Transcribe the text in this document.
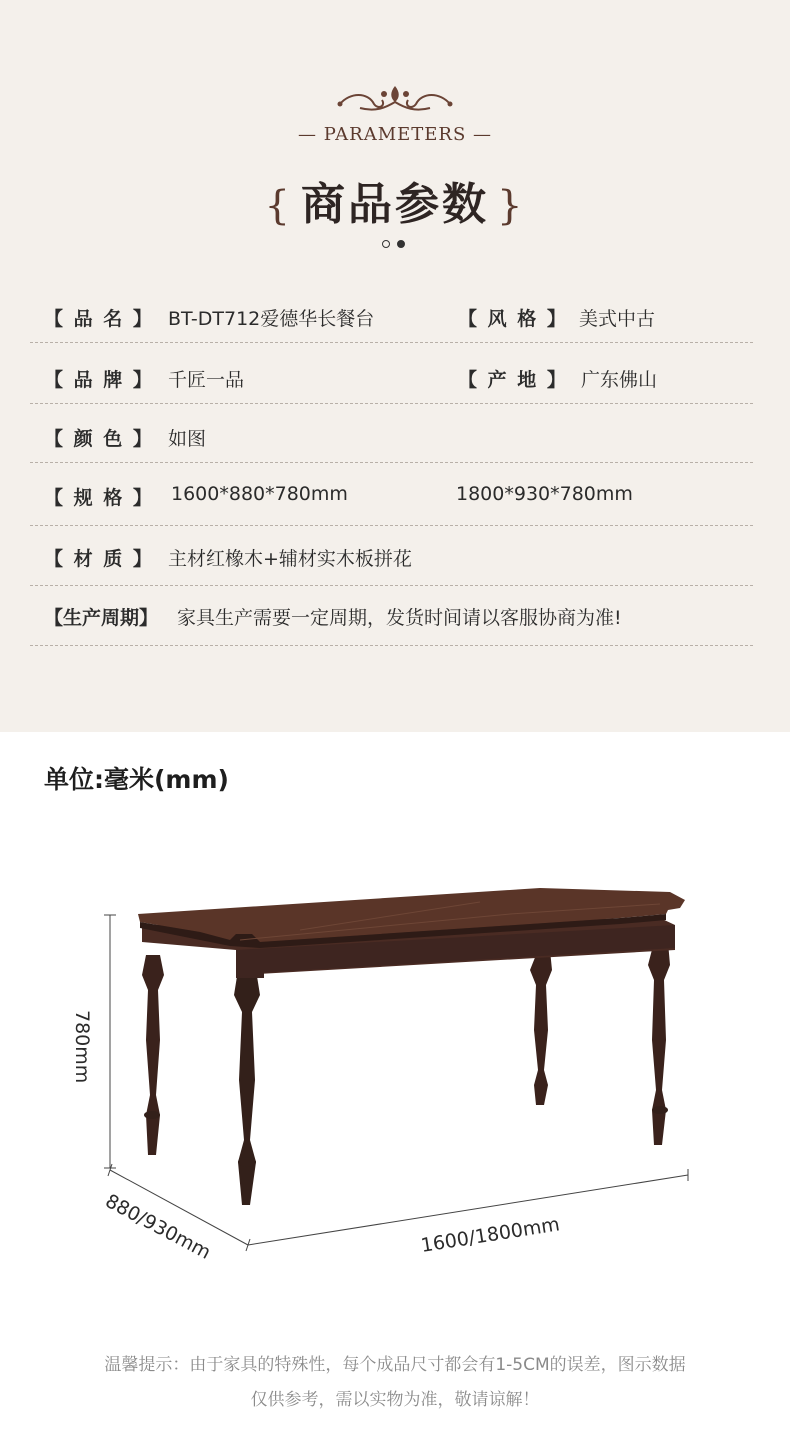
— PARAMETERS —
{ 商品参数 }
【 品 名 】 BT-DT712爱德华长餐台	【 风 格 】 美式中古
【 品 牌 】 千匠一品	【 产 地 】 广东佛山
【 颜 色 】 如图
【 规 格 】 1600*880*780mm	1800*930*780mm
【 材 质 】 主材红橡木+辅材实木板拼花
【生产周期】 家具生产需要一定周期，发货时间请以客服协商为准!
单位:毫米(mm)
780mm
880/930mm	1600/1800mm
温馨提示：由于家具的特殊性，每个成品尺寸都会有1-5CM的误差，图示数据
仅供参考，需以实物为准，敬请谅解！
